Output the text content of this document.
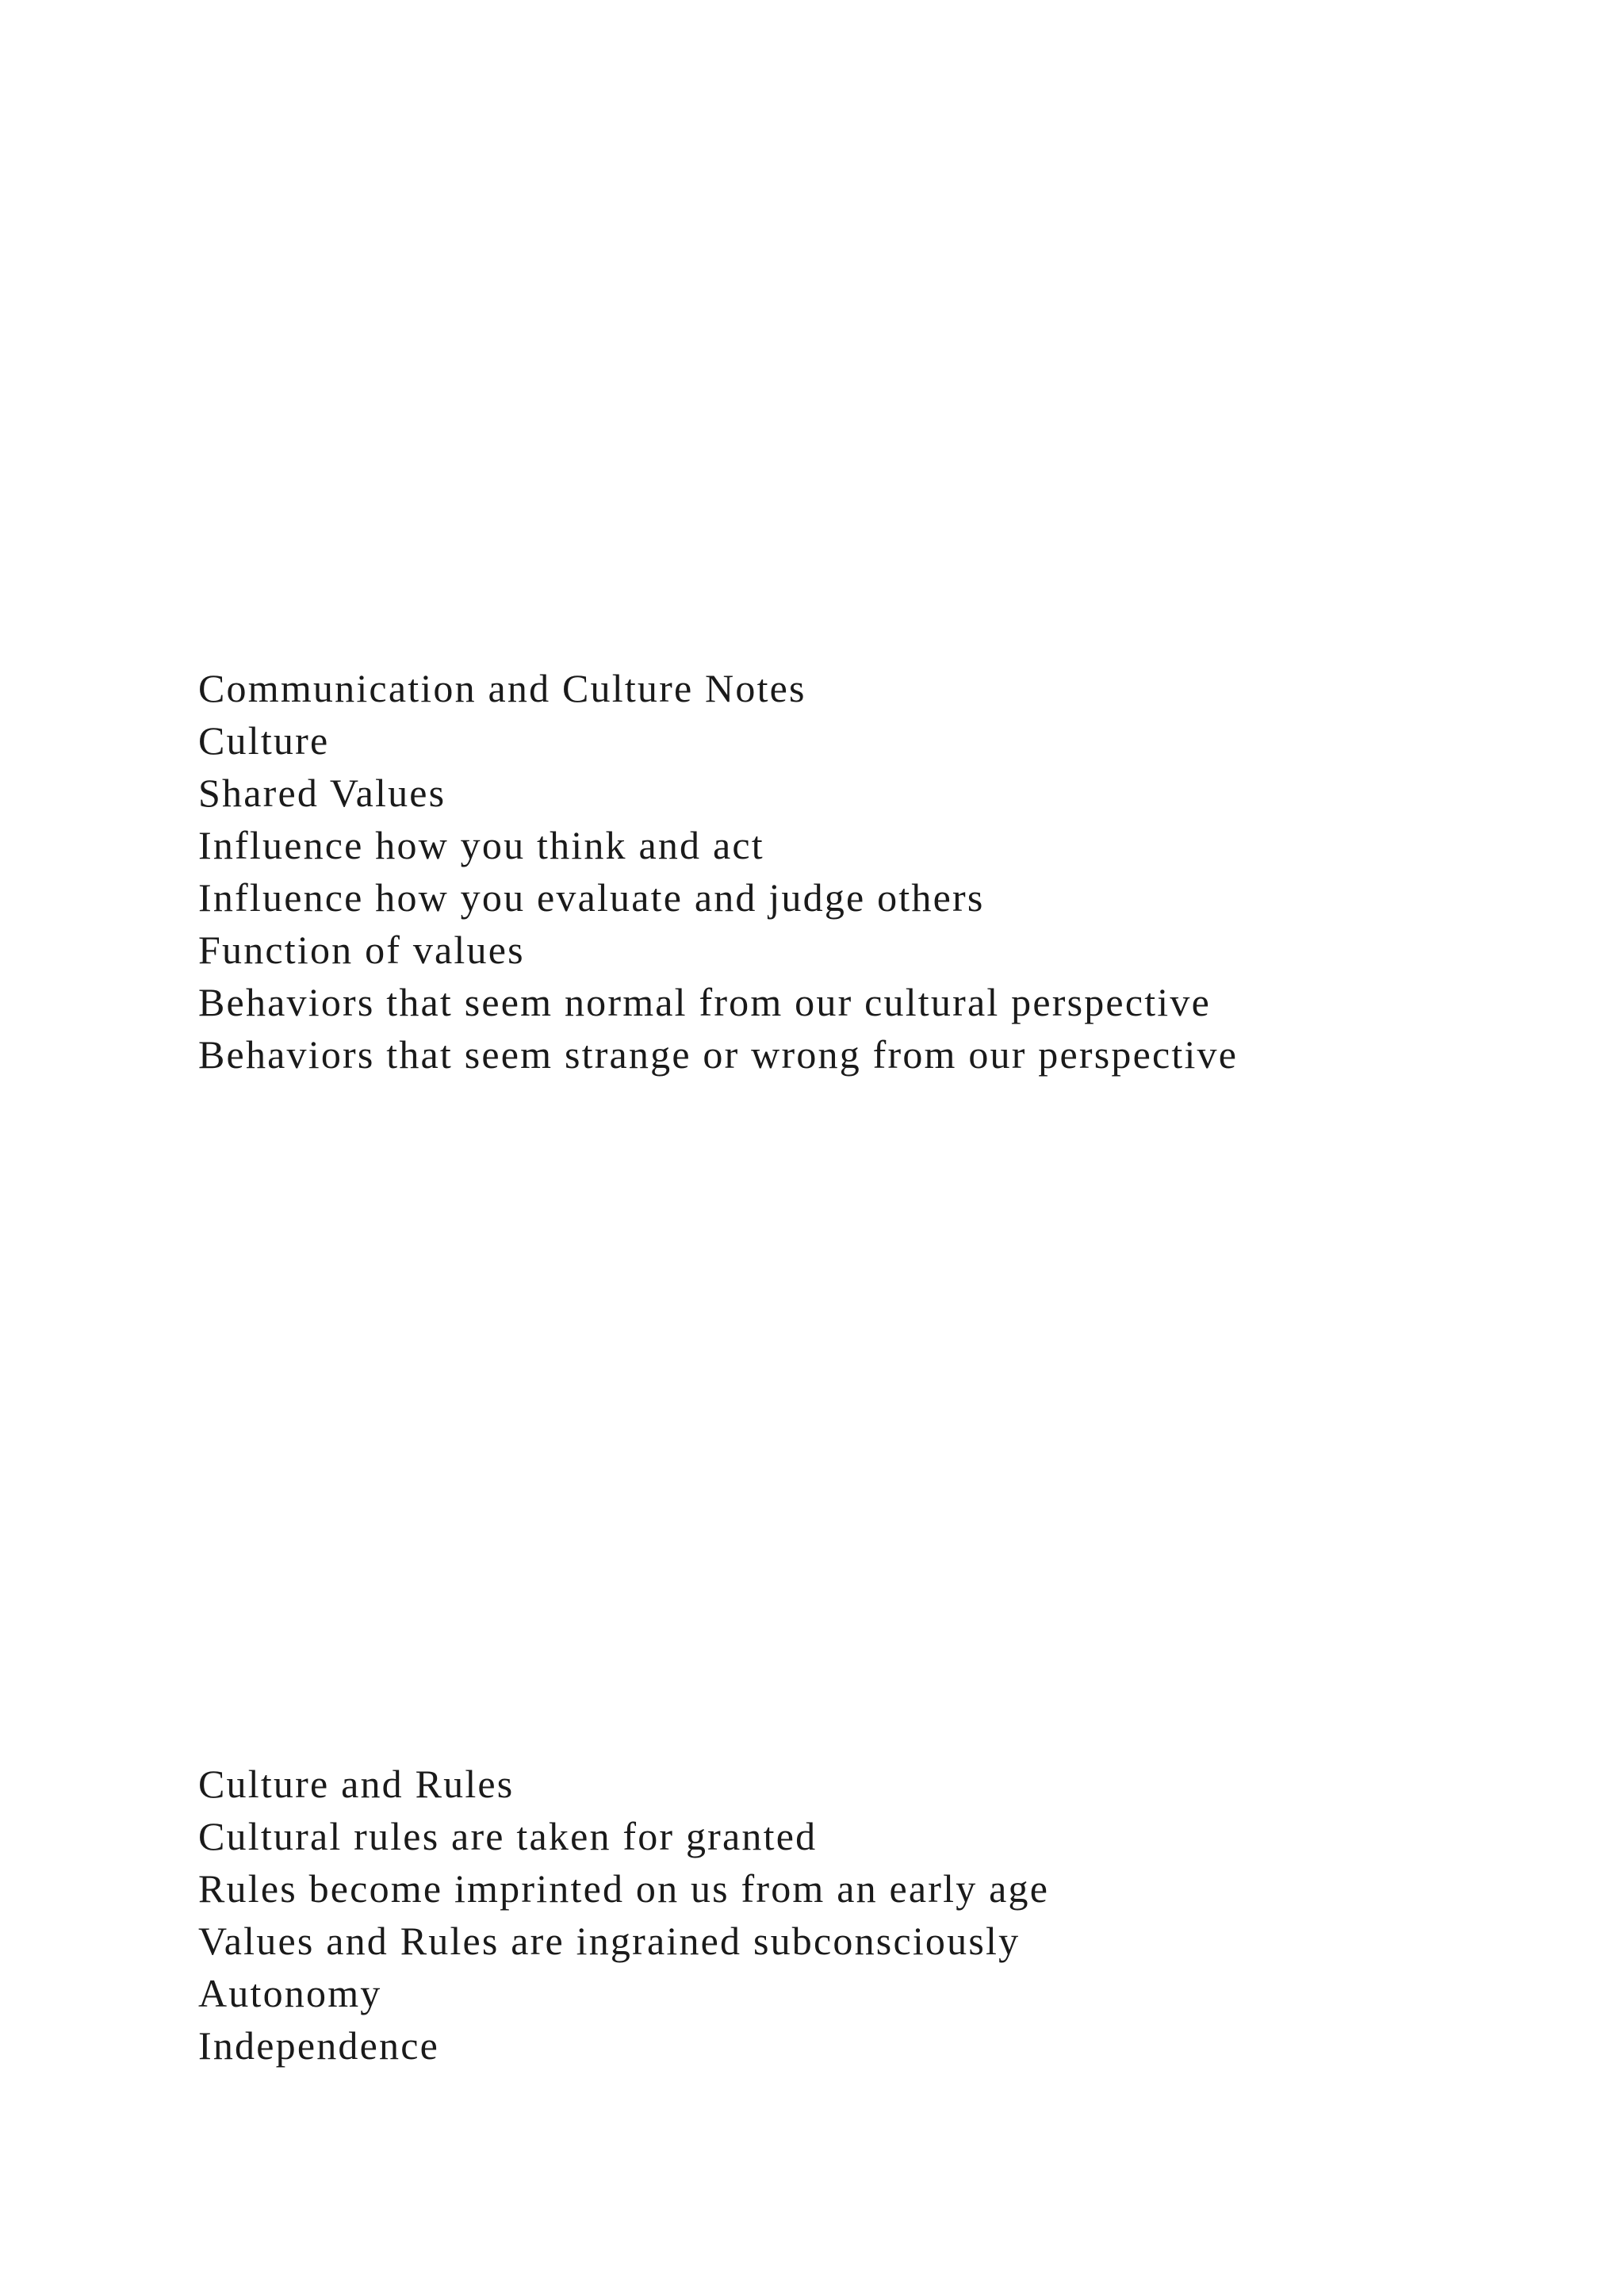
Communication and Culture Notes
Culture
Shared Values
Influence how you think and act
Influence how you evaluate and judge others
Function of values
Behaviors that seem normal from our cultural perspective
Behaviors that seem strange or wrong from our perspective
Culture and Rules
Cultural rules are taken for granted
Rules become imprinted on us from an early age
Values and Rules are ingrained subconsciously
Autonomy
Independence
